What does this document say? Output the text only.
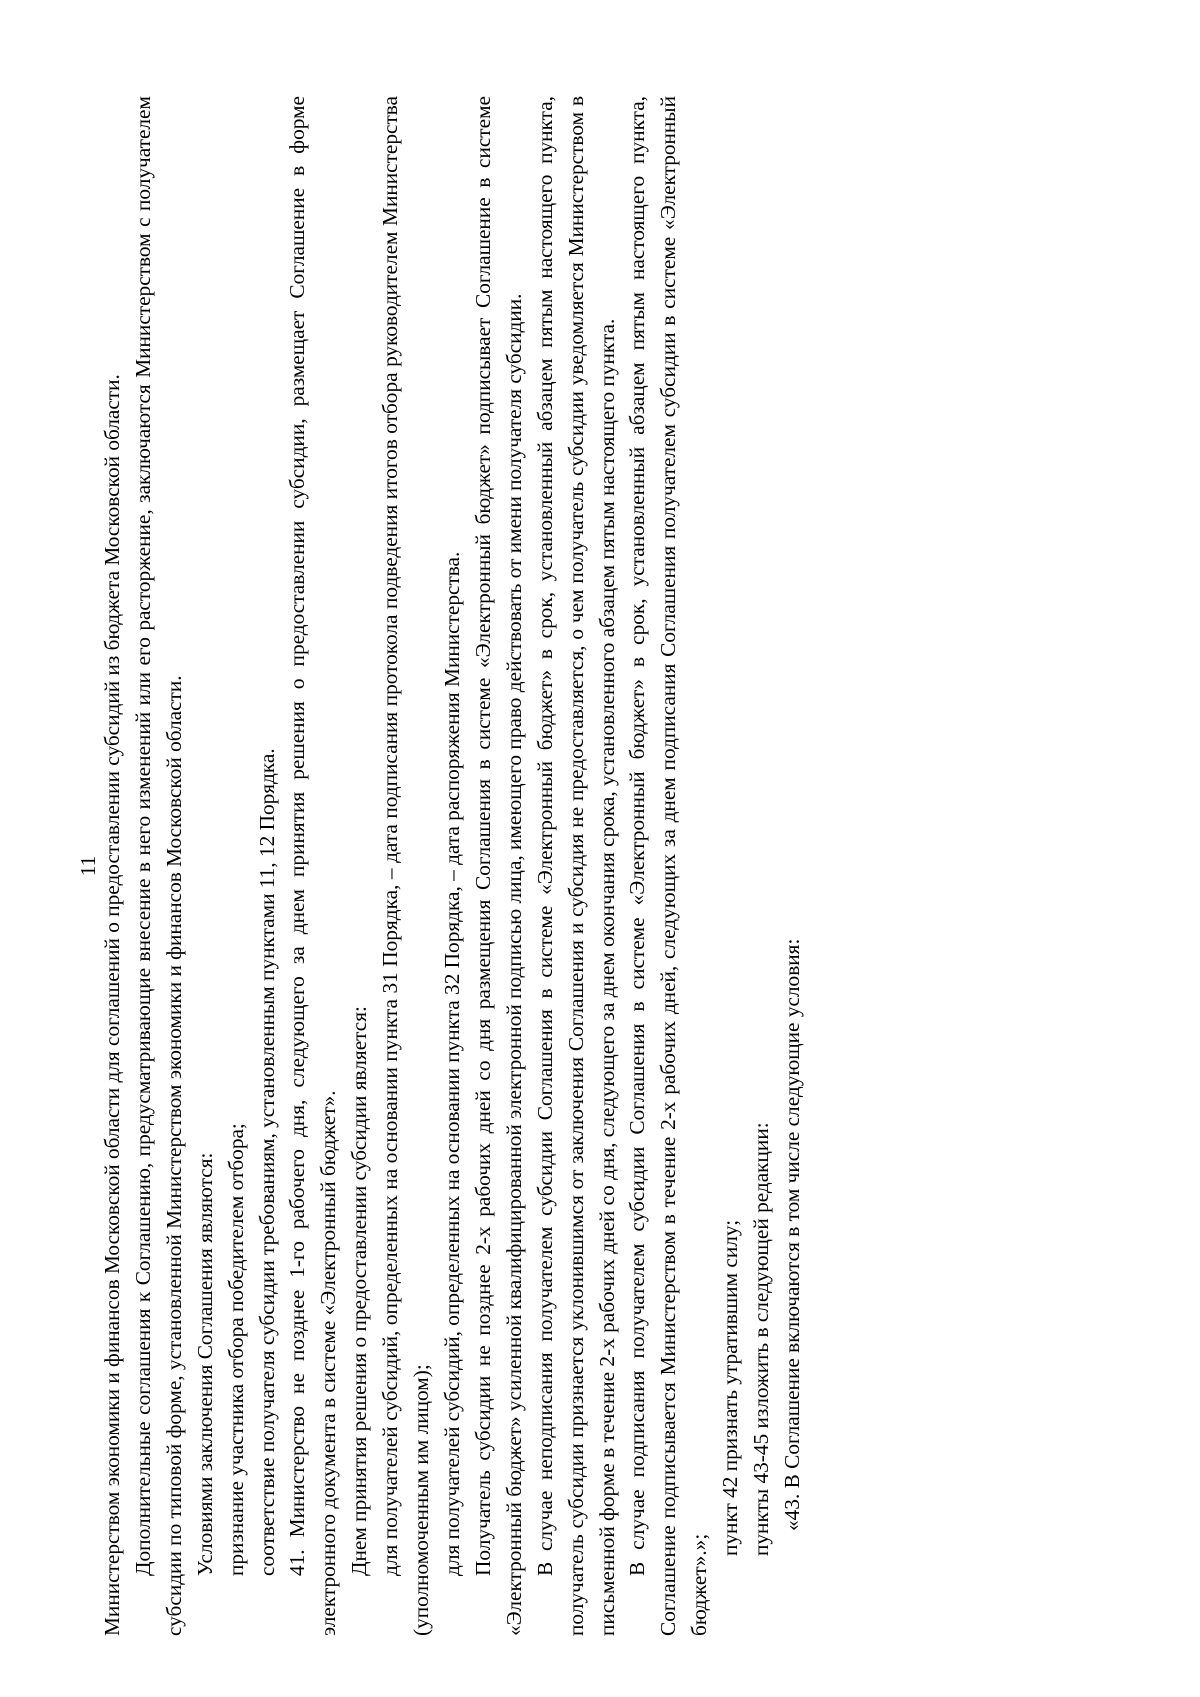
11 Министерством экономики и финансов Московской области для соглашений о предоставлении субсидий из бюджета Московской области. Дополнительные соглашения к Соглашению, предусматривающие внесение в него изменений или его расторжение, заключаются Министерством с получателем субсидии по типовой форме, установленной Министерством экономики и финансов Московской области. Условиями заключения Соглашения являются: признание участника отбора победителем отбора; соответствие получателя субсидии требованиям, установленным пунктами 11, 12 Порядка. 41. Министерство не позднее 1-го рабочего дня, следующего за днем принятия решения о предоставлении субсидии, размещает Соглашение в форме электронного документа в системе «Электронный бюджет». Днем принятия решения о предоставлении субсидии является: для получателей субсидий, определенных на основании пункта 31 Порядка, – дата подписания протокола подведения итогов отбора руководителем Министерства (уполномоченным им лицом); для получателей субсидий, определенных на основании пункта 32 Порядка, – дата распоряжения Министерства. Получатель субсидии не позднее 2-х рабочих дней со дня размещения Соглашения в системе «Электронный бюджет» подписывает Соглашение в системе «Электронный бюджет» усиленной квалифицированной электронной подписью лица, имеющего право действовать от имени получателя субсидии. В случае неподписания получателем субсидии Соглашения в системе «Электронный бюджет» в срок, установленный абзацем пятым настоящего пункта, получатель субсидии признается уклонившимся от заключения Соглашения и субсидия не предоставляется, о чем получатель субсидии уведомляется Министерством в письменной форме в течение 2-х рабочих дней со дня, следующего за днем окончания срока, установленного абзацем пятым настоящего пункта. В случае подписания получателем субсидии Соглашения в системе «Электронный бюджет» в срок, установленный абзацем пятым настоящего пункта, Соглашение подписывается Министерством в течение 2-х рабочих дней, следующих за днем подписания Соглашения получателем субсидии в системе «Электронный бюджет».»;

пункт 42 признать утратившим силу; пункты 43-45 изложить в следующей редакции: «43. В Соглашение включаются в том числе следующие условия:
